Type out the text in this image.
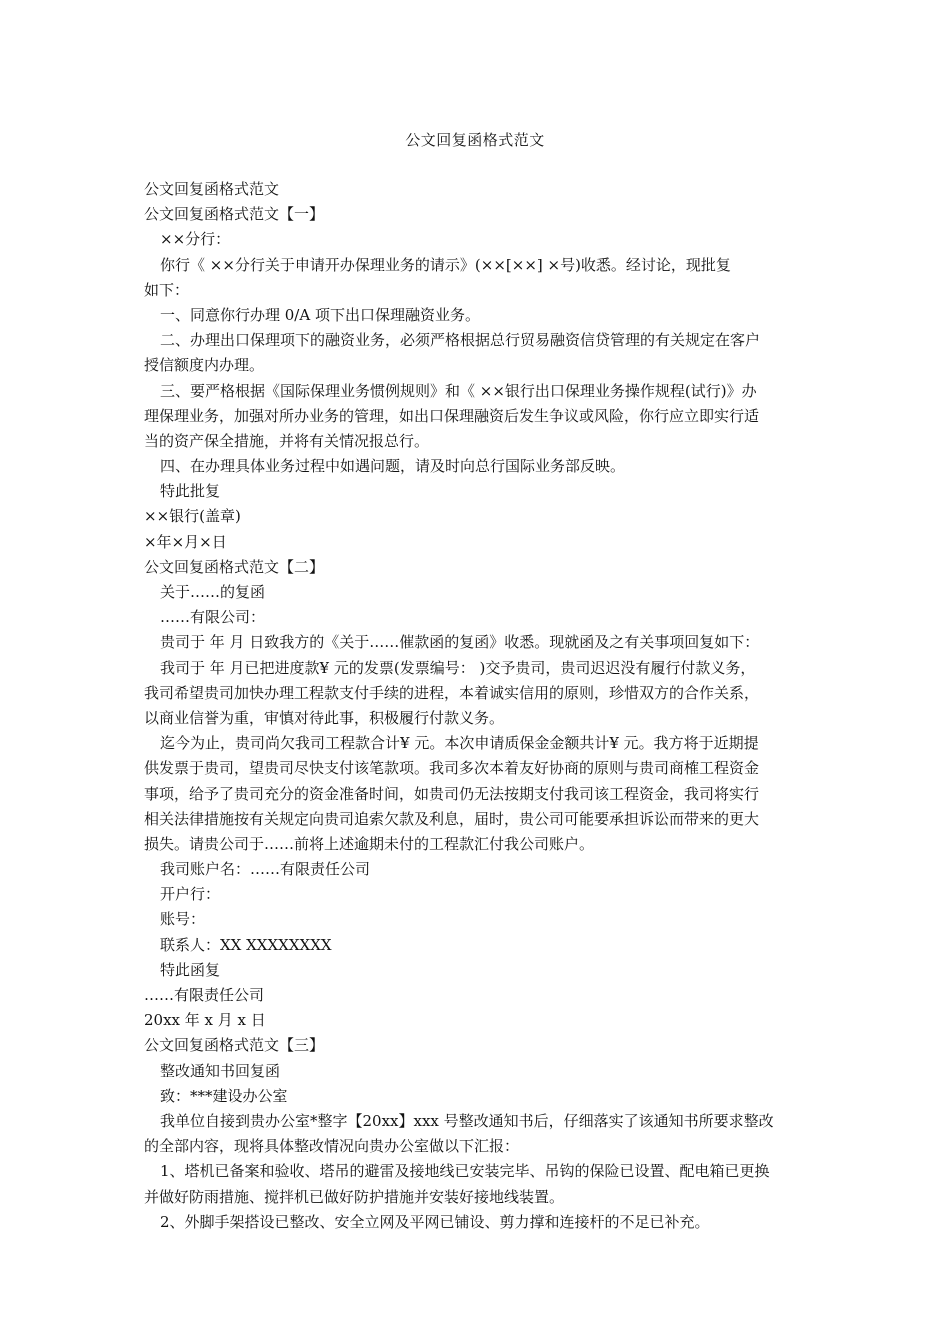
公文回复函格式范文
公文回复函格式范文
公文回复函格式范文【一】
××分行：
你行《 ××分行关于申请开办保理业务的请示》(××[××] ×号)收悉。经讨论，现批复
如下：
一、同意你行办理 0/A 项下出口保理融资业务。
二、办理出口保理项下的融资业务，必须严格根据总行贸易融资信贷管理的有关规定在客户
授信额度内办理。
三、要严格根据《国际保理业务惯例规则》和《 ××银行出口保理业务操作规程(试行)》办
理保理业务，加强对所办业务的管理，如出口保理融资后发生争议或风险，你行应立即实行适
当的资产保全措施，并将有关情况报总行。
四、在办理具体业务过程中如遇问题，请及时向总行国际业务部反映。
特此批复
××银行(盖章)
×年×月×日
公文回复函格式范文【二】
关于……的复函
……有限公司：
贵司于 年 月 日致我方的《关于……催款函的复函》收悉。现就函及之有关事项回复如下：
我司于 年 月已把进度款¥ 元的发票(发票编号： )交予贵司，贵司迟迟没有履行付款义务，
我司希望贵司加快办理工程款支付手续的进程，本着诚实信用的原则，珍惜双方的合作关系，
以商业信誉为重，审慎对待此事，积极履行付款义务。
迄今为止，贵司尚欠我司工程款合计¥ 元。本次申请质保金金额共计¥ 元。我方将于近期提
供发票于贵司，望贵司尽快支付该笔款项。我司多次本着友好协商的原则与贵司商榷工程资金
事项，给予了贵司充分的资金准备时间，如贵司仍无法按期支付我司该工程资金，我司将实行
相关法律措施按有关规定向贵司追索欠款及利息，届时，贵公司可能要承担诉讼而带来的更大
损失。请贵公司于……前将上述逾期未付的工程款汇付我公司账户。
我司账户名：……有限责任公司
开户行：
账号：
联系人：XX XXXXXXXX
特此函复
……有限责任公司
20xx 年 x 月 x 日
公文回复函格式范文【三】
整改通知书回复函
致：***建设办公室
我单位自接到贵办公室*整字【20xx】xxx 号整改通知书后，仔细落实了该通知书所要求整改
的全部内容，现将具体整改情况向贵办公室做以下汇报：
1、塔机已备案和验收、塔吊的避雷及接地线已安装完毕、吊钩的保险已设置、配电箱已更换
并做好防雨措施、搅拌机已做好防护措施并安装好接地线装置。
2、外脚手架搭设已整改、安全立网及平网已铺设、剪力撑和连接杆的不足已补充。
